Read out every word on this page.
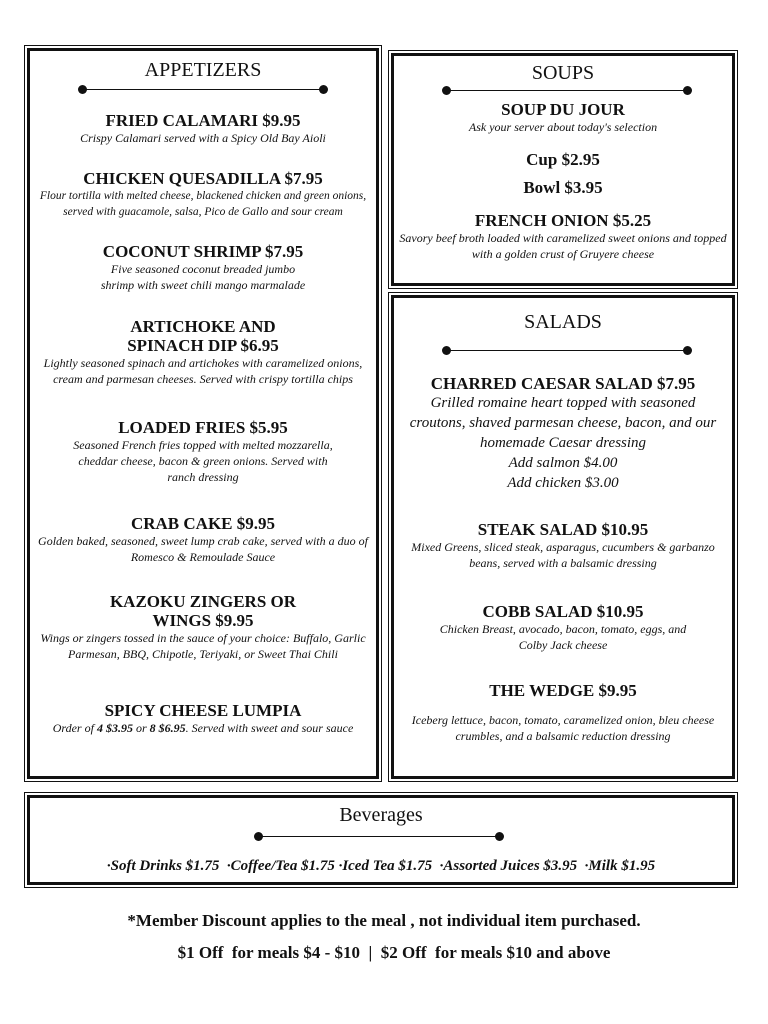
APPETIZERS

FRIED CALAMARI $9.95

Crispy Calamari served with a Spicy Old Bay Aioli

CHICKEN QUESADILLA $7.95

Flour tortilla with melted cheese, blackened chicken and green onions, served with guacamole, salsa, Pico de Gallo and sour cream

COCONUT SHRIMP $7.95

Five seasoned coconut breaded jumbo shrimp with sweet chili mango marmalade

ARTICHOKE AND SPINACH DIP $6.95

Lightly seasoned spinach and artichokes with caramelized onions, cream and parmesan cheeses. Served with crispy tortilla chips

LOADED FRIES $5.95

Seasoned French fries topped with melted mozzarella, cheddar cheese, bacon & green onions. Served with ranch dressing

CRAB CAKE $9.95

Golden baked, seasoned, sweet lump crab cake, served with a duo of Romesco & Remoulade Sauce

KAZOKU ZINGERS OR WINGS $9.95

Wings or zingers tossed in the sauce of your choice: Buffalo, Garlic Parmesan, BBQ, Chipotle, Teriyaki, or Sweet Thai Chili

SPICY CHEESE LUMPIA

Order of 4 $3.95 or 8 $6.95. Served with sweet and sour sauce

SOUPS

SOUP DU JOUR

Ask your server about today's selection

Cup $2.95
Bowl $3.95

FRENCH ONION $5.25

Savory beef broth loaded with caramelized sweet onions and topped with a golden crust of Gruyere cheese

SALADS

CHARRED CAESAR SALAD $7.95

Grilled romaine heart topped with seasoned croutons, shaved parmesan cheese, bacon, and our homemade Caesar dressing

Add salmon $4.00

Add chicken $3.00

STEAK SALAD $10.95

Mixed Greens, sliced steak, asparagus, cucumbers & garbanzo beans, served with a balsamic dressing

COBB SALAD $10.95

Chicken Breast, avocado, bacon, tomato, eggs, and Colby Jack cheese

THE WEDGE $9.95

Iceberg lettuce, bacon, tomato, caramelized onion, bleu cheese crumbles, and a balsamic reduction dressing

Beverages
·Soft Drinks $1.75  ·Coffee/Tea $1.75 ·Iced Tea $1.75  ·Assorted Juices $3.95  ·Milk $1.95
*Member Discount applies to the meal , not individual item purchased.
$1 Off  for meals $4 - $10  |  $2 Off  for meals $10 and above
